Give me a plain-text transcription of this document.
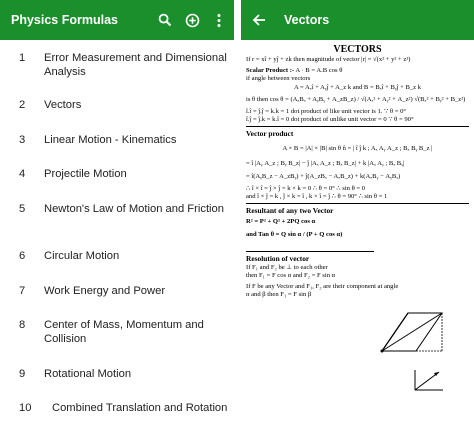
Physics Formulas
1 Error Measurement and Dimensional Analysis
2 Vectors
3 Linear Motion - Kinematics
4 Projectile Motion
5 Newton's Law of Motion and Friction
6 Circular Motion
7 Work Energy and Power
8 Center of Mass, Momentum and Collision
9 Rotational Motion
10 Combined Translation and Rotation
Vectors
VECTORS
If r = xî + yĵ + zk̂ then magnitude of vector |r| = √(x² + y² + z²)
Scalar Product :- A · B = A.B cos θ
if angle between vectors
A = Aₓî + Aᵧĵ + A_z k̂ and B = Bₓî + Bᵧĵ + B_z k̂
is θ then cos θ = (AₓBₓ + AᵧBᵧ + A_zB_z) / √(Aₓ² + Aᵧ² + A_z²) √(Bₓ² + Bᵧ² + B_z²)
î.î = ĵ.ĵ = k̂.k̂ = 1 dot product of like unit vector is 1. ∵ θ = 0°
î.ĵ = ĵ.k̂ = k̂.î = 0 dot product of unlike unit vector = 0 ∵ θ = 90°
Vector product
A × B = |A| × |B| sin θ n̂ = | î ĵ k̂ ; Aₓ Aᵧ A_z ; Bₓ Bᵧ B_z |
= î |Aᵧ A_z ; Bᵧ B_z| − ĵ |Aₓ A_z ; Bₓ B_z| + k̂ |Aₓ Aᵧ ; Bₓ Bᵧ|
= î(AᵧB_z − A_zBᵧ) + ĵ(A_zBₓ − AₓB_z) + k̂(AₓBᵧ − AᵧBₓ)
∴ î × î = ĵ × ĵ = k̂ × k̂ = 0 ∴ θ = 0° ∴ sin θ = 0
and î × ĵ = k̂ , ĵ × k̂ = î , k̂ × î = ĵ ∴ θ = 90° ∴ sin θ = 1
Resultant of any two Vector
R² = P² + Q² + 2PQ cos α
and Tan θ = Q sin α / (P + Q cos α)
Resolution of vector
If F₁ and F₂ be ⊥ to each other
then F₁ = F cos α and F₂ = F sin α
If F be any Vector and F₁, F₂ are their component at angle
α and β then F₁ = F sin β
